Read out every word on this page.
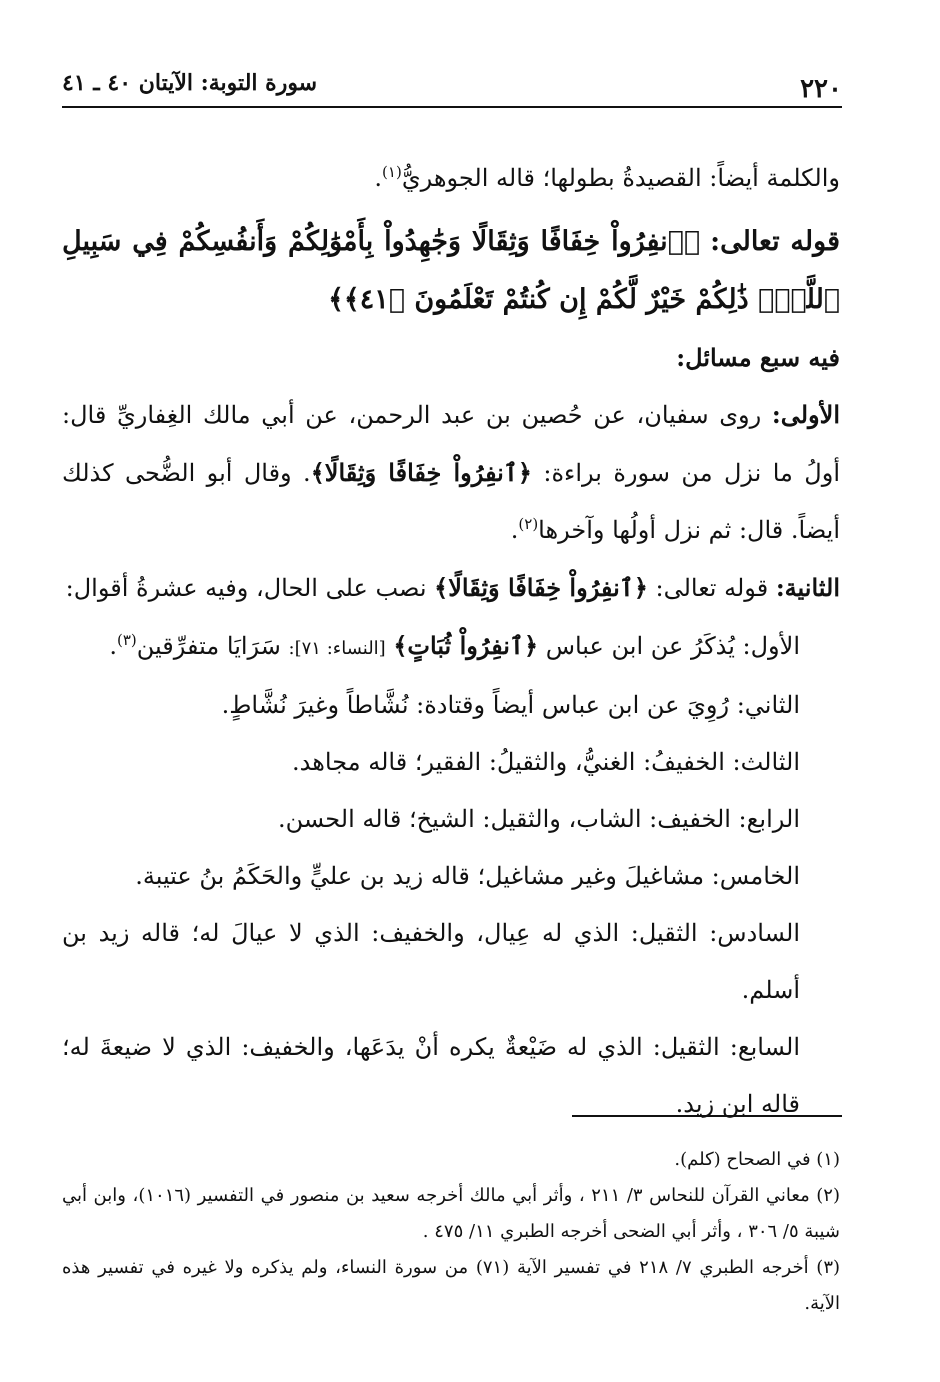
٢٢٠
سورة التوبة: الآيتان ٤٠ ـ ٤١

والكلمة أيضاً: القصيدةُ بطولها؛ قاله الجوهريُّ$^{(١)}$.

قوله تعالى: ﴿ٱنفِرُواْ خِفَافًا وَثِقَالًا وَجَٰهِدُواْ بِأَمْوَٰلِكُمْ وَأَنفُسِكُمْ فِي سَبِيلِ ٱللَّهِۚ ذَٰلِكُمْ خَيْرٌ لَّكُمْ إِن كُنتُمْ تَعْلَمُونَ ﴿٤١﴾﴾

فيه سبع مسائل:

الأولى: روى سفيان، عن حُصين بن عبد الرحمن، عن أبي مالك الغِفاريِّ قال: أولُ ما نزل من سورة براءة: ﴿ٱنفِرُواْ خِفَافًا وَثِقَالًا﴾. وقال أبو الضُّحى كذلك أيضاً. قال: ثم نزل أولُها وآخرها$^{(٢)}$.

الثانية: قوله تعالى: ﴿ٱنفِرُواْ خِفَافًا وَثِقَالًا﴾ نصب على الحال، وفيه عشرةُ أقوال:

الأول: يُذكَرُ عن ابن عباس ﴿ٱنفِرُواْ ثُبَاتٍ﴾ [النساء: ٧١]: سَرَايَا متفرِّقين$^{(٣)}$.

الثاني: رُوِيَ عن ابن عباس أيضاً وقتادة: نُشَّاطاً وغيرَ نُشَّاطٍ.

الثالث: الخفيفُ: الغنيُّ، والثقيلُ: الفقير؛ قاله مجاهد.

الرابع: الخفيف: الشاب، والثقيل: الشيخ؛ قاله الحسن.

الخامس: مشاغيلَ وغير مشاغيل؛ قاله زيد بن عليٍّ والحَكَمُ بنُ عتيبة.

السادس: الثقيل: الذي له عِيال، والخفيف: الذي لا عيالَ له؛ قاله زيد بن أسلم.

السابع: الثقيل: الذي له ضَيْعةٌ يكره أنْ يدَعَها، والخفيف: الذي لا ضيعةَ له؛ قاله ابن زيد.

(١) في الصحاح (كلم).

(٢) معاني القرآن للنحاس ٣/ ٢١١ ، وأثر أبي مالك أخرجه سعيد بن منصور في التفسير (١٠١٦)، وابن أبي شيبة ٥/ ٣٠٦ ، وأثر أبي الضحى أخرجه الطبري ١١/ ٤٧٥ .

(٣) أخرجه الطبري ٧/ ٢١٨ في تفسير الآية (٧١) من سورة النساء، ولم يذكره ولا غيره في تفسير هذه الآية.
